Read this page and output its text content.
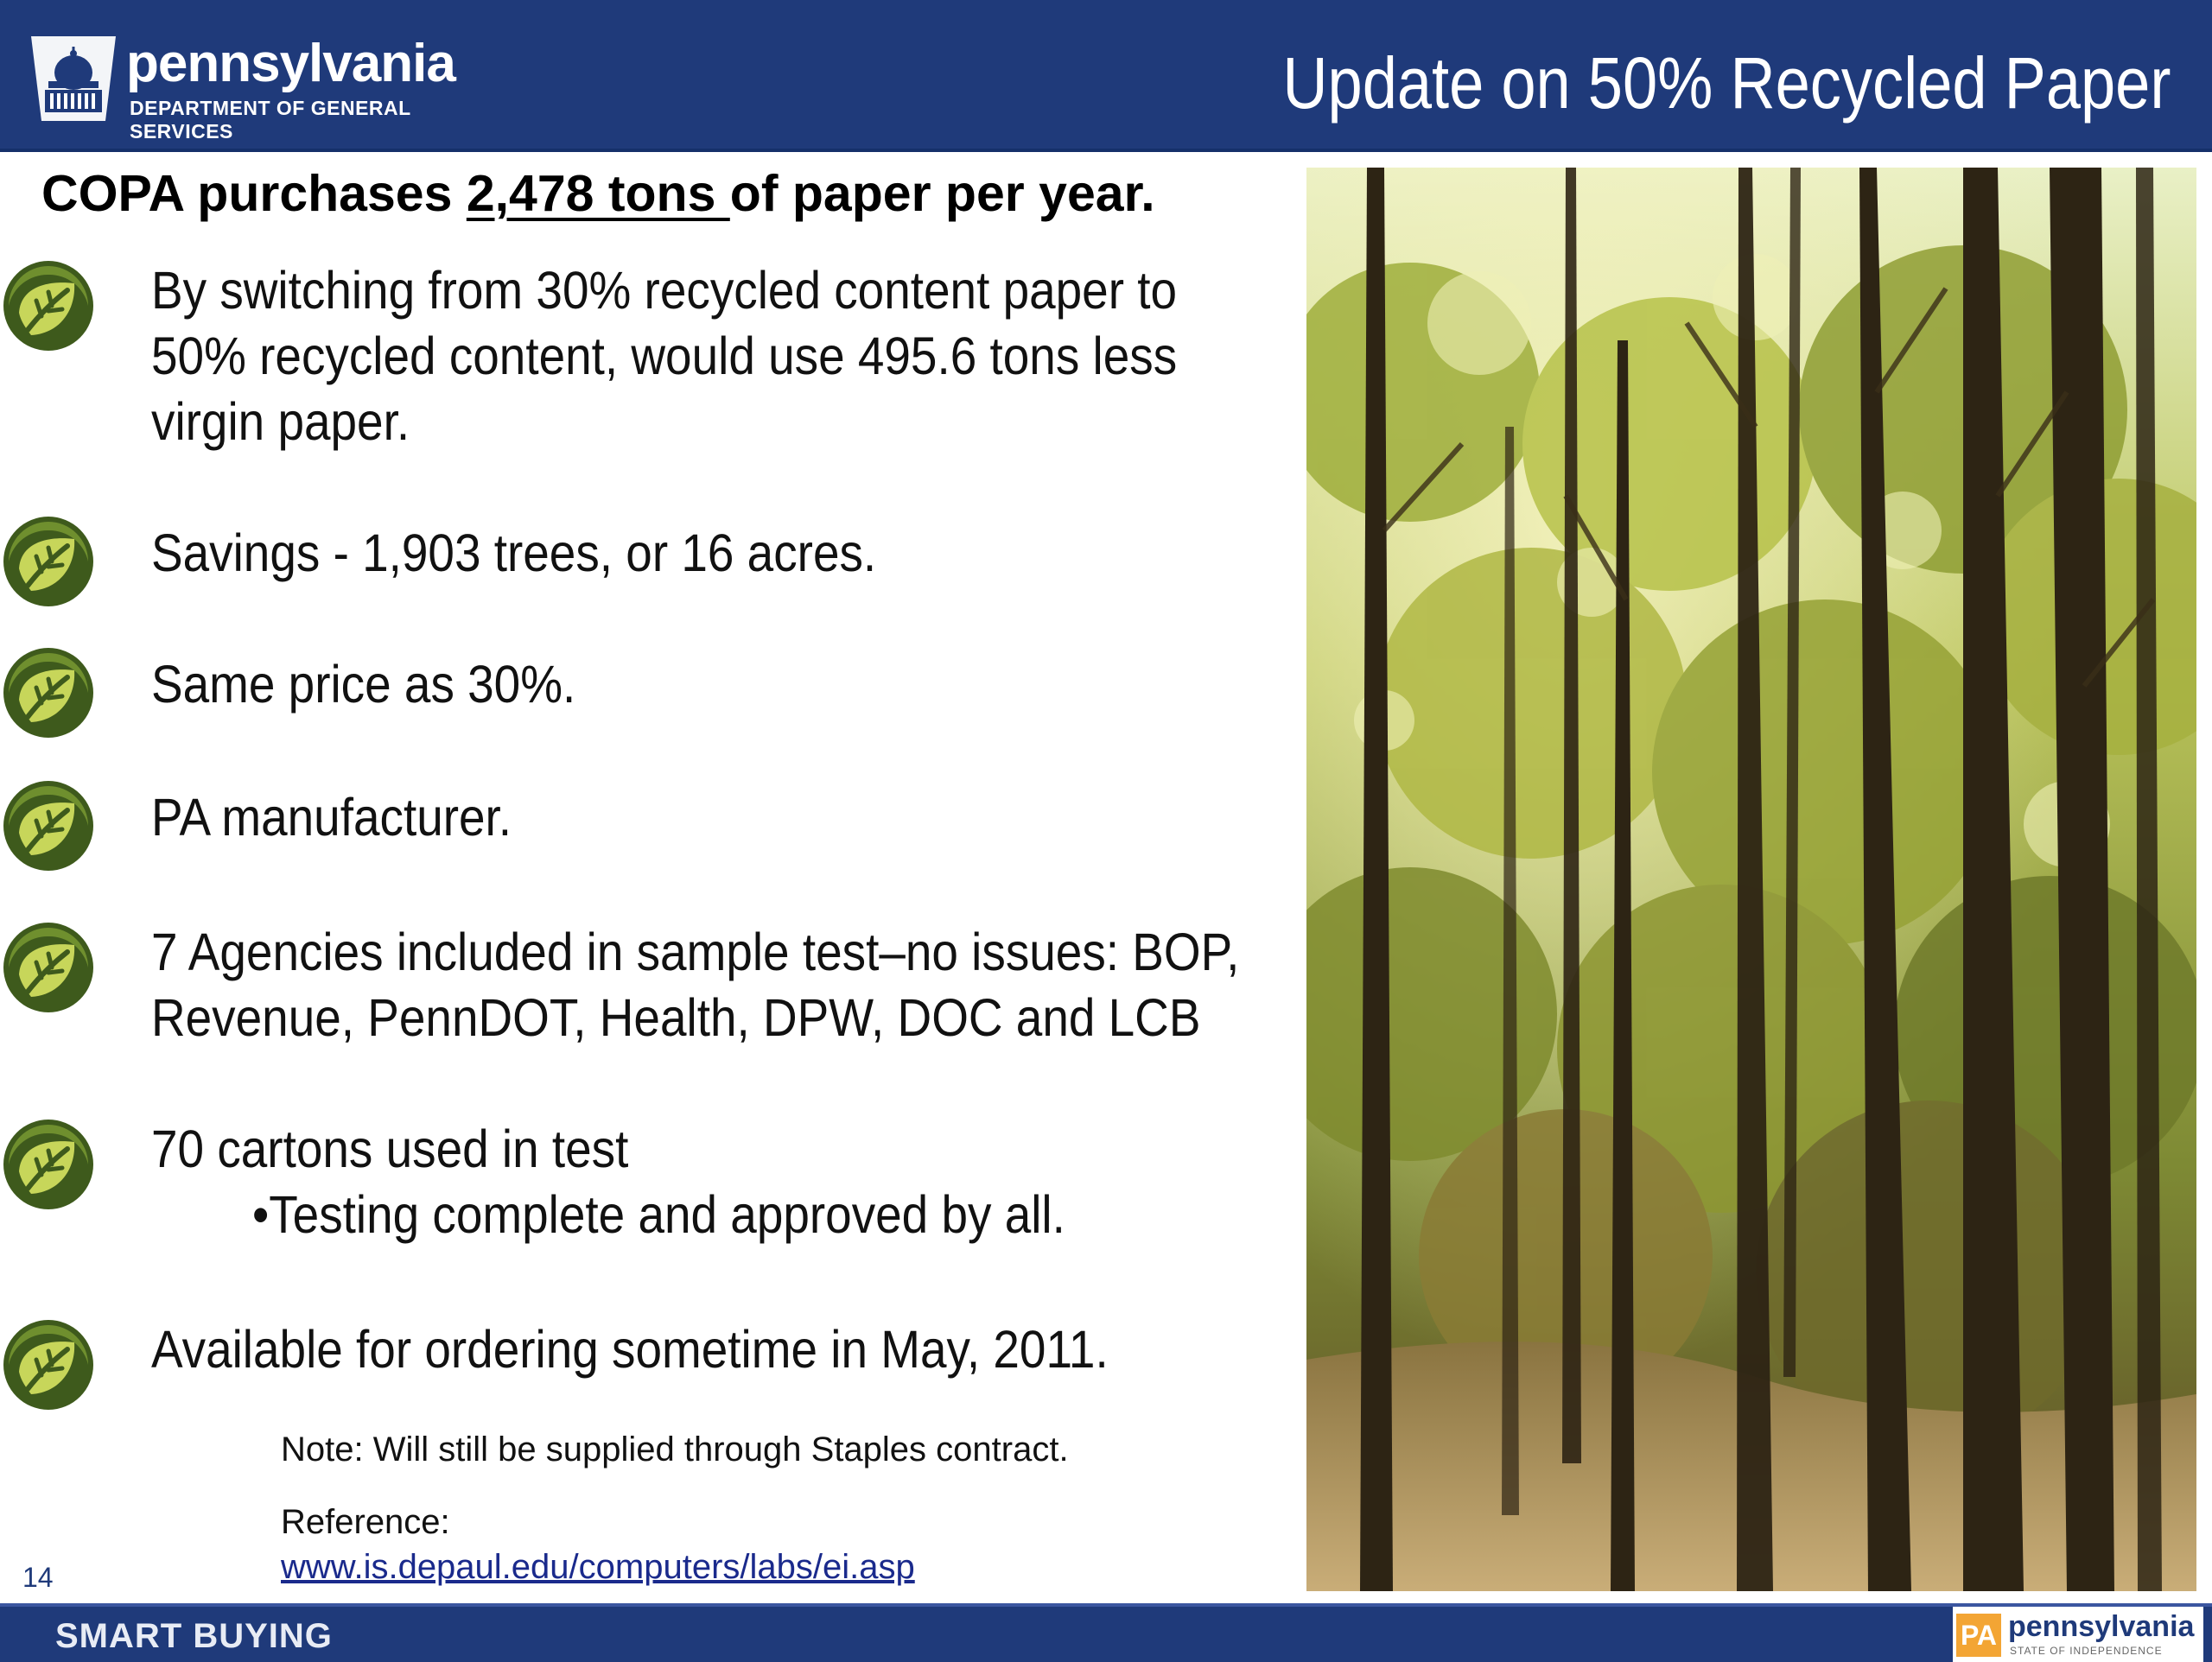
pennsylvania
DEPARTMENT OF GENERAL SERVICES
Update on 50% Recycled Paper
COPA purchases 2,478 tons of paper per year.
By switching from 30% recycled content paper to
50% recycled content, would use 495.6 tons less
virgin paper.
Savings - 1,903 trees, or 16 acres.
Same price as 30%.
PA manufacturer.
7 Agencies included in sample test–no issues: BOP,
Revenue, PennDOT, Health, DPW, DOC and LCB
70 cartons used in test
•Testing complete and approved by all.
Available for ordering sometime in May, 2011.
Note: Will still be supplied through Staples contract.
Reference:
www.is.depaul.edu/computers/labs/ei.asp
14
SMART BUYING	PA pennsylvania
STATE OF INDEPENDENCE
